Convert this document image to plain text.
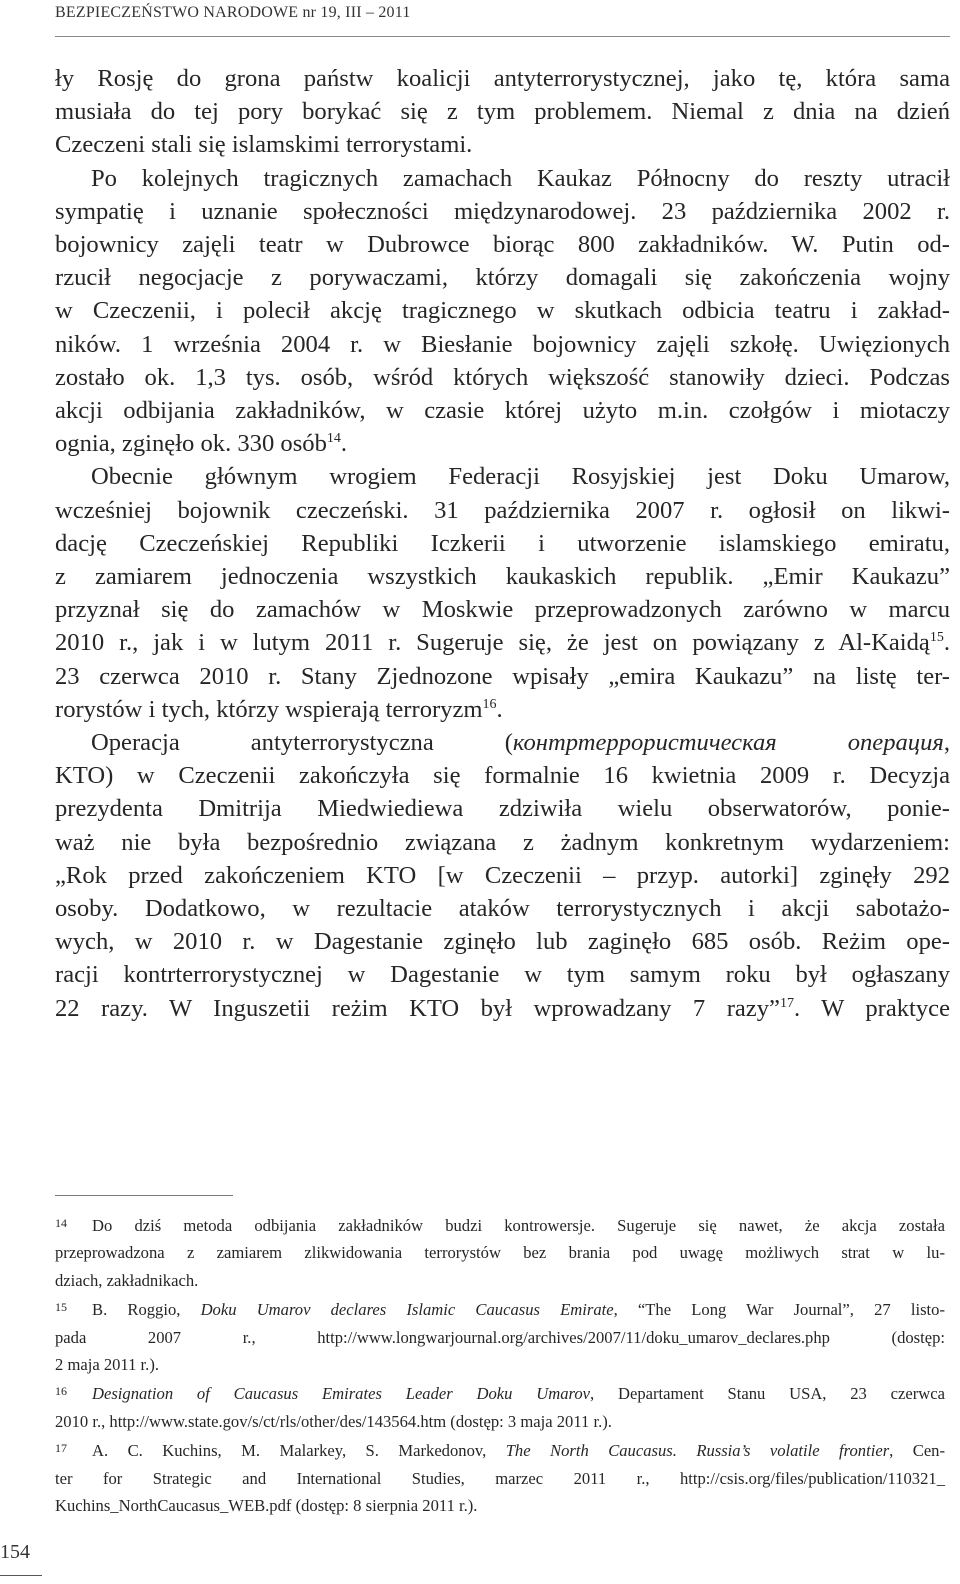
BEZPIECZEŃSTWO NARODOWE nr 19, III – 2011

ły Rosję do grona państw koalicji antyterrorystycznej, jako tę, która sama
musiała do tej pory borykać się z tym problemem. Niemal z dnia na dzień
Czeczeni stali się islamskimi terrorystami.

Po kolejnych tragicznych zamachach Kaukaz Północny do reszty utracił
sympatię i uznanie społeczności międzynarodowej. 23 października 2002 r.
bojownicy zajęli teatr w Dubrowce biorąc 800 zakładników. W. Putin od-
rzucił negocjacje z porywaczami, którzy domagali się zakończenia wojny
w Czeczenii, i polecił akcję tragicznego w skutkach odbicia teatru i zakład-
ników. 1 września 2004 r. w Biesłanie bojownicy zajęli szkołę. Uwięzionych
zostało ok. 1,3 tys. osób, wśród których większość stanowiły dzieci. Podczas
akcji odbijania zakładników, w czasie której użyto m.in. czołgów i miotaczy
ognia, zginęło ok. 330 osób$^{14}$.

Obecnie głównym wrogiem Federacji Rosyjskiej jest Doku Umarow,
wcześniej bojownik czeczeński. 31 października 2007 r. ogłosił on likwi-
dację Czeczeńskiej Republiki Iczkerii i utworzenie islamskiego emiratu,
z zamiarem jednoczenia wszystkich kaukaskich republik. „Emir Kaukazu”
przyznał się do zamachów w Moskwie przeprowadzonych zarówno w marcu
2010 r., jak i w lutym 2011 r. Sugeruje się, że jest on powiązany z Al-Kaidą$^{15}$.
23 czerwca 2010 r. Stany Zjednozone wpisały „emira Kaukazu” na listę ter-
rorystów i tych, którzy wspierają terroryzm$^{16}$.

Operacja antyterrorystyczna (контртеррористическая операция,
KTO) w Czeczenii zakończyła się formalnie 16 kwietnia 2009 r. Decyzja
prezydenta Dmitrija Miedwiediewa zdziwiła wielu obserwatorów, ponie-
waż nie była bezpośrednio związana z żadnym konkretnym wydarzeniem:
„Rok przed zakończeniem KTO [w Czeczenii – przyp. autorki] zginęły 292
osoby. Dodatkowo, w rezultacie ataków terrorystycznych i akcji sabotażo-
wych, w 2010 r. w Dagestanie zginęło lub zaginęło 685 osób. Reżim ope-
racji kontrterrorystycznej w Dagestanie w tym samym roku był ogłaszany
22 razy. W Inguszetii reżim KTO był wprowadzany 7 razy”$^{17}$. W praktyce

14 Do dziś metoda odbijania zakładników budzi kontrowersje. Sugeruje się nawet, że akcja została
przeprowadzona z zamiarem zlikwidowania terrorystów bez brania pod uwagę możliwych strat w lu-
dziach, zakładnikach.
15 B. Roggio, Doku Umarov declares Islamic Caucasus Emirate, “The Long War Journal”, 27 listo-
pada 2007 r., http://www.longwarjournal.org/archives/2007/11/doku_umarov_declares.php (dostęp:
2 maja 2011 r.).
16 Designation of Caucasus Emirates Leader Doku Umarov, Departament Stanu USA, 23 czerwca
2010 r., http://www.state.gov/s/ct/rls/other/des/143564.htm (dostęp: 3 maja 2011 r.).
17 A. C. Kuchins, M. Malarkey, S. Markedonov, The North Caucasus. Russia’s volatile frontier, Cen-
ter for Strategic and International Studies, marzec 2011 r., http://csis.org/files/publication/110321_
Kuchins_NorthCaucasus_WEB.pdf (dostęp: 8 sierpnia 2011 r.).
154
